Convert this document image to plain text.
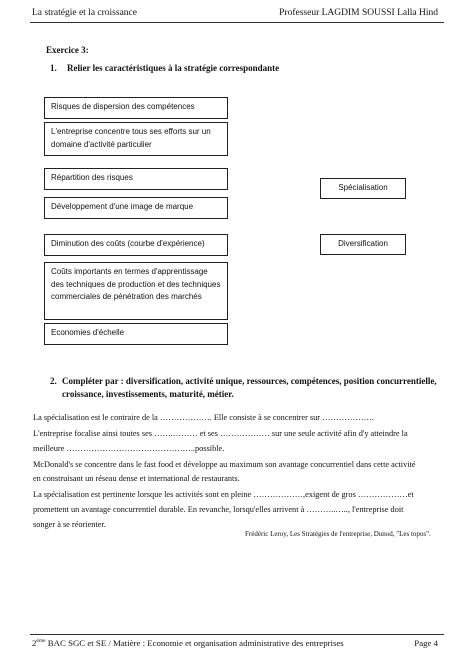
La stratégie et la croissance	Professeur LAGDIM SOUSSI Lalla Hind
Exercice 3:
1. Relier les caractéristiques à la stratégie correspondante
Risques de dispersion des compétences
L'entreprise concentre tous ses efforts sur un domaine d'activité particulier
Répartition des risques
Développement d'une image de marque
Diminution des coûts (courbe d'expérience)
Coûts importants en termes d'apprentissage des techniques de production et des techniques commerciales de pénétration des marchés
Economies d'échelle
Spécialisation
Diversification
2. Compléter par : diversification, activité unique, ressources, compétences, position concurrentielle, croissance, investissements, maturité, métier.
La spécialisation est le contraire de la ………………. Elle consiste à se concentrer sur ……………….
L'entreprise focalise ainsi toutes ses …….……… et ses ……………… sur une seule activité afin d'y atteindre la
meilleure ………………………………………..possible.
McDonald's se concentre dans le fast food et développe au maximum son avantage concurrentiel dans cette activité
en construisant un réseau dense et international de restaurants.
La spécialisation est pertinente lorsque les activités sont en pleine ………………,exigent de gros ………………et
promettent un avantage concurrentiel durable. En revanche, lorsqu'elles arrivent à ………..….., l'entreprise doit
songer à se réorienter.
Frédéric Leroy, Les Stratégies de l'entreprise, Dunod, "Les topos".
2ème BAC SGC et SE / Matière : Economie et organisation administrative des entreprises	Page 4
